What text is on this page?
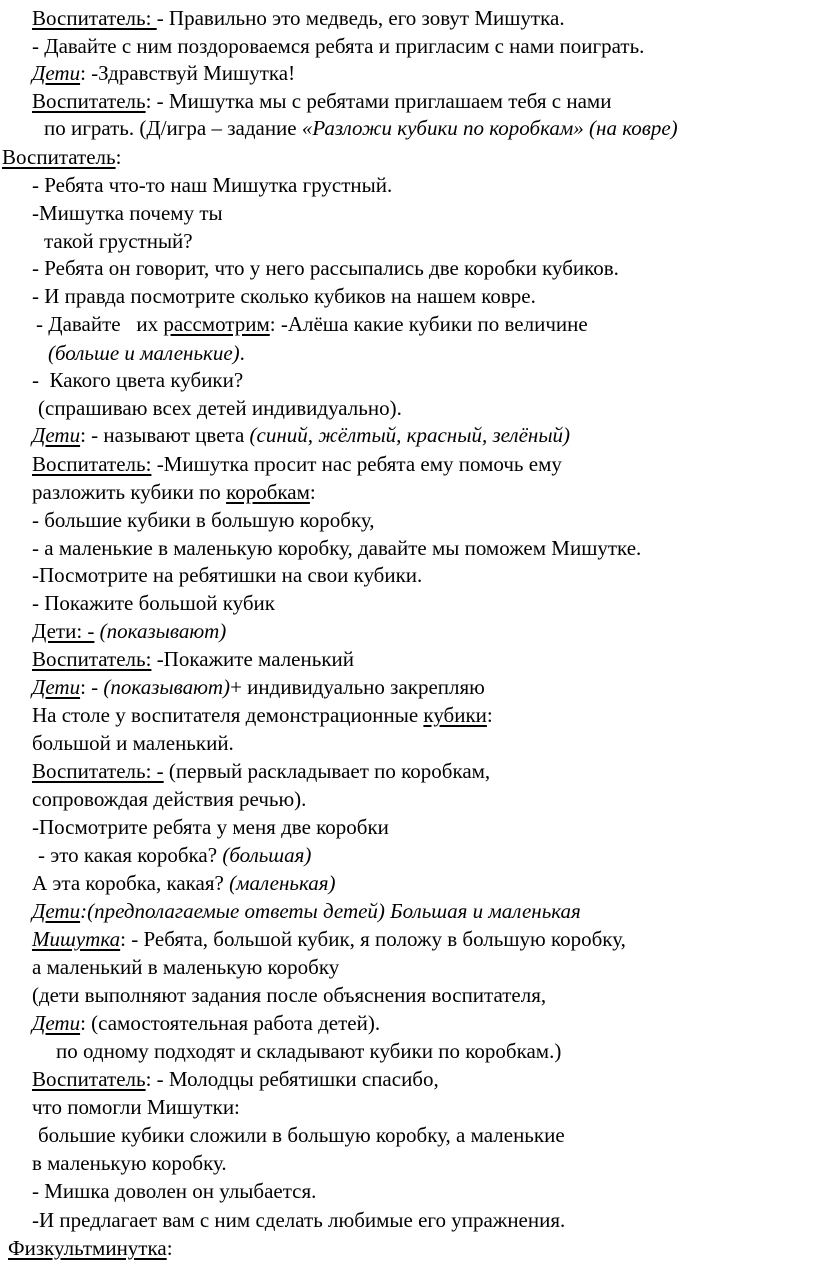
Воспитатель: - Правильно это медведь, его зовут Мишутка.
- Давайте с ним поздороваемся ребята и пригласим с нами поиграть.
Дети: -Здравствуй Мишутка!
Воспитатель: - Мишутка мы с ребятами приглашаем тебя с нами
по играть. (Д/игра – задание «Разложи кубики по коробкам» (на ковре)
Воспитатель:
- Ребята что-то наш Мишутка грустный.
-Мишутка почему ты
такой грустный?
- Ребята он говорит, что у него рассыпались две коробки кубиков.
- И правда посмотрите сколько кубиков на нашем ковре.
- Давайте   их рассмотрим: -Алёша какие кубики по величине
(больше и маленькие).
-  Какого цвета кубики?
(спрашиваю всех детей индивидуально).
Дети: - называют цвета (синий, жёлтый, красный, зелёный)
Воспитатель: -Мишутка просит нас ребята ему помочь ему
разложить кубики по коробкам:
- большие кубики в большую коробку,
- а маленькие в маленькую коробку, давайте мы поможем Мишутке.
-Посмотрите на ребятишки на свои кубики.
- Покажите большой кубик
Дети: - (показывают)
Воспитатель: -Покажите маленький
Дети: - (показывают)+ индивидуально закрепляю
На столе у воспитателя демонстрационные кубики:
большой и маленький.
Воспитатель: - (первый раскладывает по коробкам,
сопровождая действия речью).
-Посмотрите ребята у меня две коробки
- это какая коробка? (большая)
А эта коробка, какая? (маленькая)
Дети:(предполагаемые ответы детей) Большая и маленькая
Мишутка: - Ребята, большой кубик, я положу в большую коробку,
а маленький в маленькую коробку
(дети выполняют задания после объяснения воспитателя,
Дети: (самостоятельная работа детей).
по одному подходят и складывают кубики по коробкам.)
Воспитатель: - Молодцы ребятишки спасибо,
что помогли Мишутки:
большие кубики сложили в большую коробку, а маленькие
в маленькую коробку.
- Мишка доволен он улыбается.
-И предлагает вам с ним сделать любимые его упражнения.
Физкультминутка:
